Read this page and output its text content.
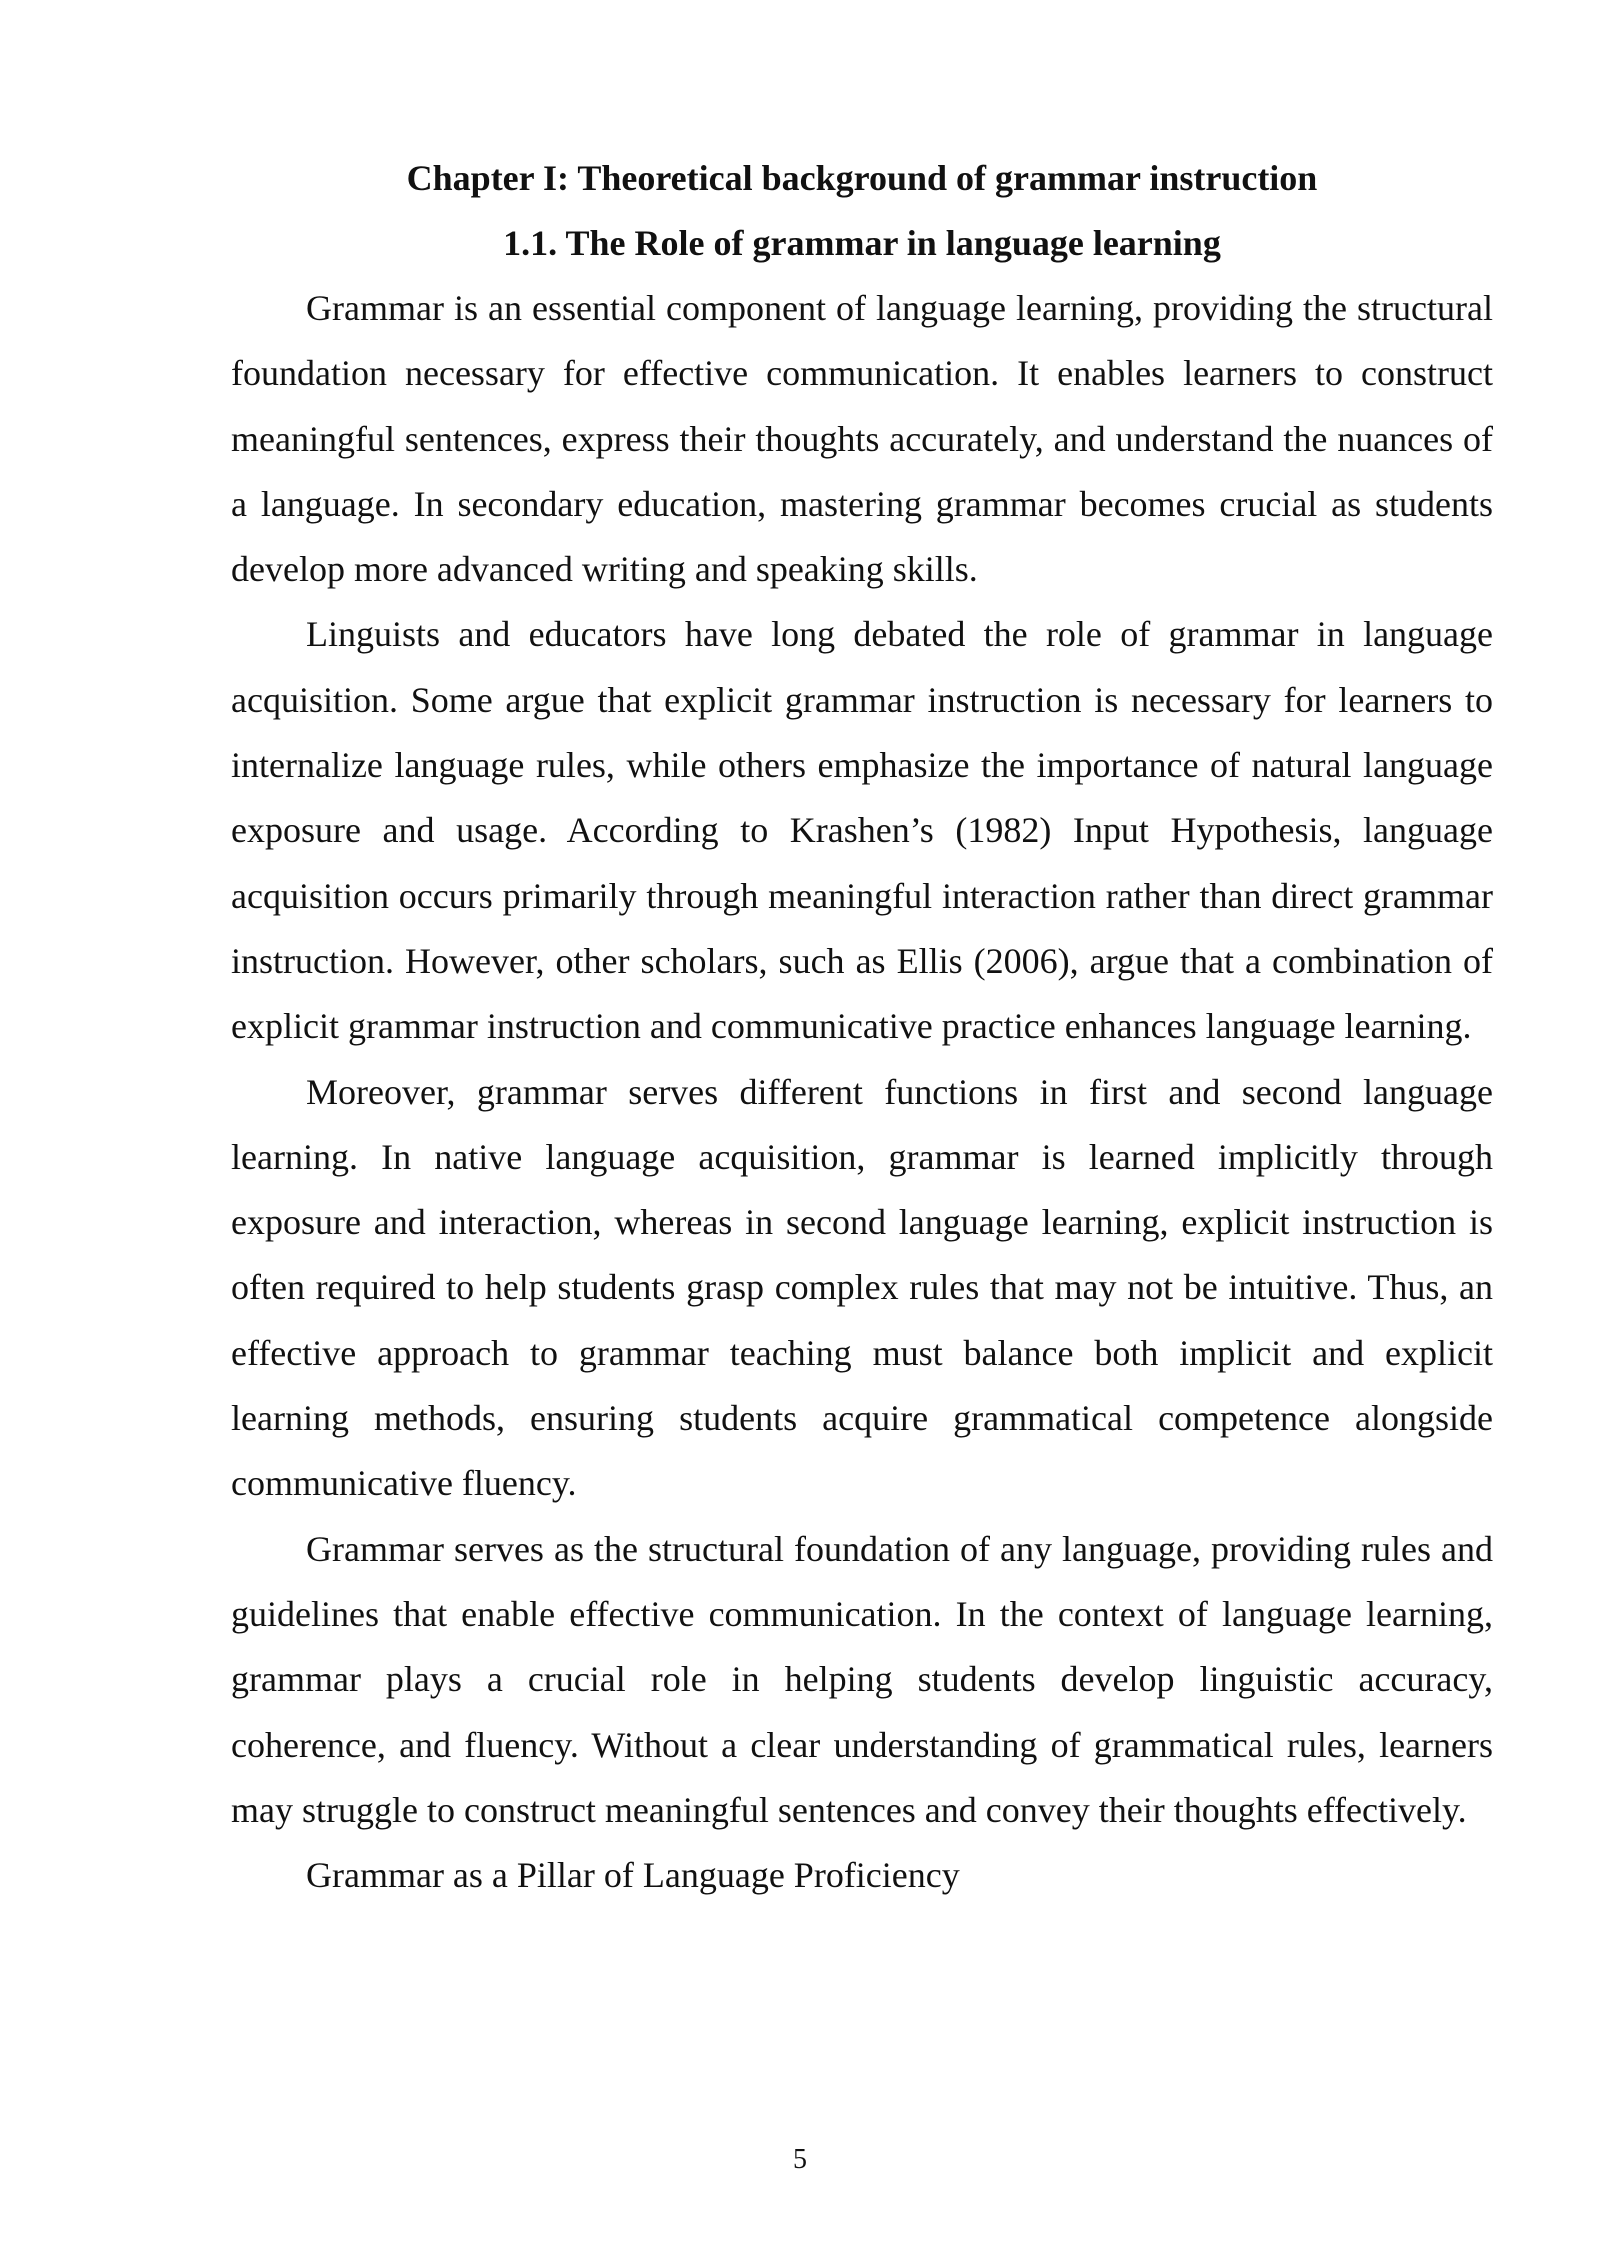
Chapter I: Theoretical background of grammar instruction
1.1. The Role of grammar in language learning

Grammar is an essential component of language learning, providing the structural foundation necessary for effective communication. It enables learners to construct meaningful sentences, express their thoughts accurately, and understand the nuances of a language. In secondary education, mastering grammar becomes crucial as students develop more advanced writing and speaking skills.

Linguists and educators have long debated the role of grammar in language acquisition. Some argue that explicit grammar instruction is necessary for learners to internalize language rules, while others emphasize the importance of natural language exposure and usage. According to Krashen’s (1982) Input Hypothesis, language acquisition occurs primarily through meaningful interaction rather than direct grammar instruction. However, other scholars, such as Ellis (2006), argue that a combination of explicit grammar instruction and communicative practice enhances language learning.

Moreover, grammar serves different functions in first and second language learning. In native language acquisition, grammar is learned implicitly through exposure and interaction, whereas in second language learning, explicit instruction is often required to help students grasp complex rules that may not be intuitive. Thus, an effective approach to grammar teaching must balance both implicit and explicit learning methods, ensuring students acquire grammatical competence alongside communicative fluency.

Grammar serves as the structural foundation of any language, providing rules and guidelines that enable effective communication. In the context of language learning, grammar plays a crucial role in helping students develop linguistic accuracy, coherence, and fluency. Without a clear understanding of grammatical rules, learners may struggle to construct meaningful sentences and convey their thoughts effectively.

Grammar as a Pillar of Language Proficiency

5
